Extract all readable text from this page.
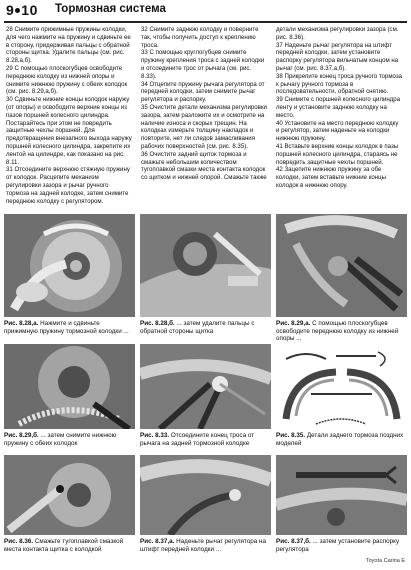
9 10 Тормозная система

28 Снимите прижимные пружины колодки, для чего нажмите на пружину и сдвиньте ее в сторону, придерживая пальцы с обратной стороны щитка. Удалите пальцы (см. рис. 8.28,а,б).

29 С помощью плоскогубцев освободите переднюю колодку из нижней опоры и снимите нижнюю пружину с обеих колодок (см. рис. 8.29,а,б).

30 Сдвиньте нижние концы колодок наружу (от опоры) и освободите верхние концы из пазов поршней колесного цилиндра. Постарайтесь при этом не повредить защитные чехлы поршней. Для предотвращения внезапного выхода наружу поршней колесного цилиндра, закрепите их лентой на цилиндре, как показано на рис. 8.11.

31 Отсоедините верхнюю стяжную пружину от колодок. Расцепите механизм регулировки зазора и рычаг ручного тормоза на задней колодке, затем снимите переднюю колодку с регулятором.

32 Снимите заднюю колодку и поверните так, чтобы получить доступ к креплению троса.

33 С помощью круглогубцев снимите пружину крепления троса с задней колодки и отсоедините трос от рычага (см. рис. 8.33).

34 Отцепите пружину рычага регулятора от передней колодки, затем снимите рычаг регулятора и распорку.

35 Очистите детали механизма регулировки зазора, затем разложите их и осмотрите на наличие износа и скорых трещин. На колодках измерьте толщину накладок и повторите, нет ли следов замасливания рабочих поверхностей (см. рис. 8.35).

36 Очистите задний щиток тормоза и смажьте небольшим количеством тугоплавкой смазки места контакта колодок со щитком и нижней опорой. Смажьте также

детали механизма регулировки зазора (см. рис. 8.36).

37 Наденьте рычаг регулятора на штифт передней колодки, затем установите распорку регулятора вильчатым концом на рычаг (см. рис. 8.37,а,б).

38 Прикрепите конец троса ручного тормоза к рычагу ручного тормоза в последовательности, обратной снятию.

39 Снимите с поршней колесного цилиндра ленту и установите заднюю колодку на место.

40 Установите на место переднюю колодку и регулятор, затем наденьте на колодки нижнюю пружину.

41 Вставьте верхние концы колодок в пазы поршней колесного цилиндра, стараясь не повредить защитные чехлы поршней.

42 Зацепите нижнюю пружину за обе колодки, затем вставьте нижние концы колодок в нижнюю опору.

Рис. 8.28,а. Нажмите и сдвиньте прижимную пружину тормозной колодки ...
Рис. 8.28,б. ... затем удалите пальцы с обратной стороны щитка
Рис. 8.29,а. С помощью плоскогубцев освободите переднюю колодку из нижней опоры ...
Рис. 8.29,б. ... затем снимите нижнюю пружину с обеих колодок
Рис. 8.33. Отсоедините конец троса от рычага на задней тормозной колодке
Рис. 8.35. Детали заднего тормоза поздних моделей
Рис. 8.36. Смажьте тугоплавкой смазкой места контакта щитка с колодкой
Рис. 8.37,а. Наденьте рычаг регулятора на штифт передней колодки ...
Рис. 8.37,б. ... затем установите распорку регулятора
Toyota Carina E
